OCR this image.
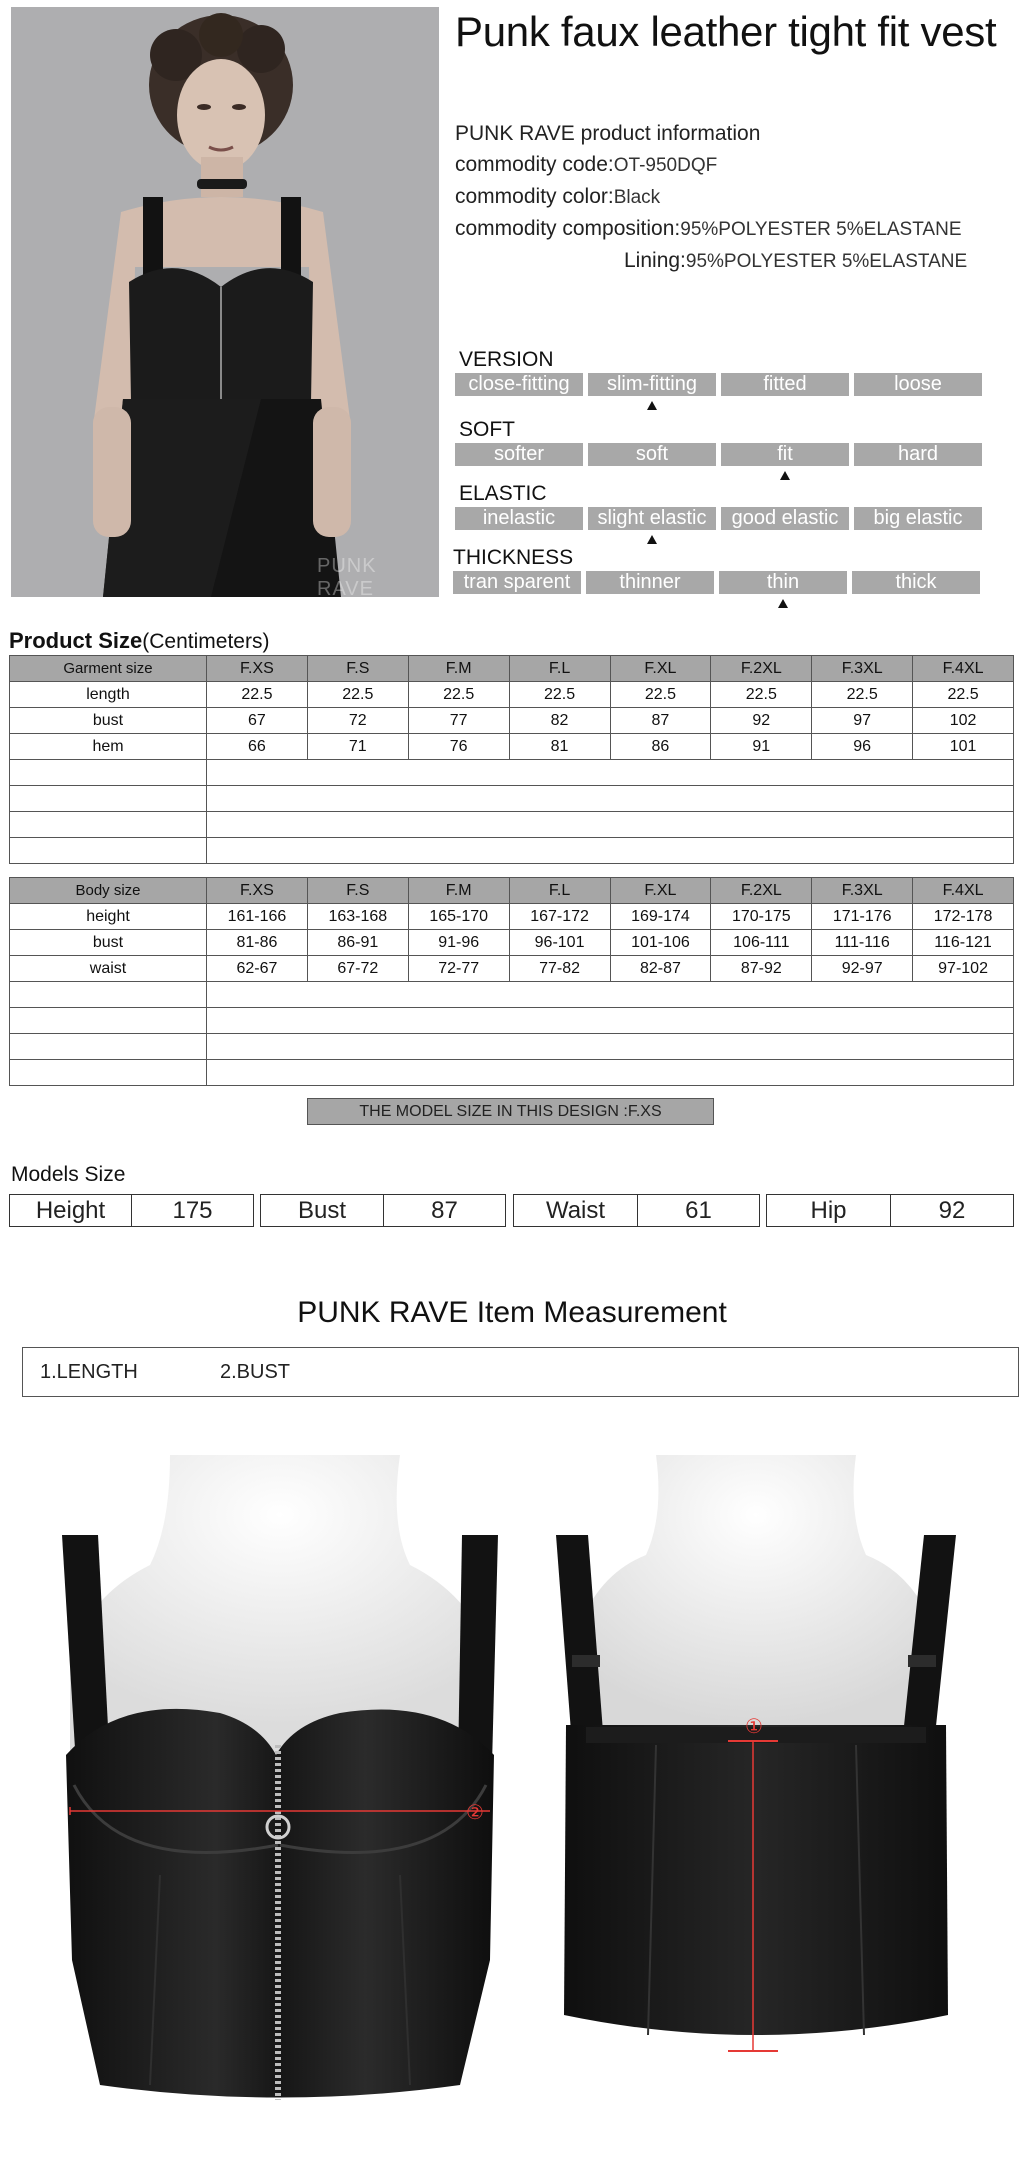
PUNK RAVE
Punk faux leather tight fit vest
PUNK RAVE product information
commodity code:OT-950DQF
commodity color:Black
commodity composition:95%POLYESTER 5%ELASTANE
Lining:95%POLYESTER 5%ELASTANE
VERSION
close-fitting	slim-fitting	fitted	loose
SOFT
softer	soft	fit	hard
ELASTIC
inelastic	slight elastic	good elastic	big elastic
THICKNESS
tran sparent	thinner	thin	thick
Product Size(Centimeters)
Garment size	F.XS	F.S	F.M	F.L	F.XL	F.2XL	F.3XL	F.4XL
length	22.5	22.5	22.5	22.5	22.5	22.5	22.5	22.5
bust	67	72	77	82	87	92	97	102
hem	66	71	76	81	86	91	96	101

Body size	F.XS	F.S	F.M	F.L	F.XL	F.2XL	F.3XL	F.4XL
height	161-166	163-168	165-170	167-172	169-174	170-175	171-176	172-178
bust	81-86	86-91	91-96	96-101	101-106	106-111	111-116	116-121
waist	62-67	67-72	72-77	77-82	82-87	87-92	92-97	97-102

THE MODEL SIZE IN THIS DESIGN :F.XS
Models Size
Height	175	Bust	87	Waist	61	Hip	92
PUNK RAVE Item Measurement
1.LENGTH	2.BUST
②
①
